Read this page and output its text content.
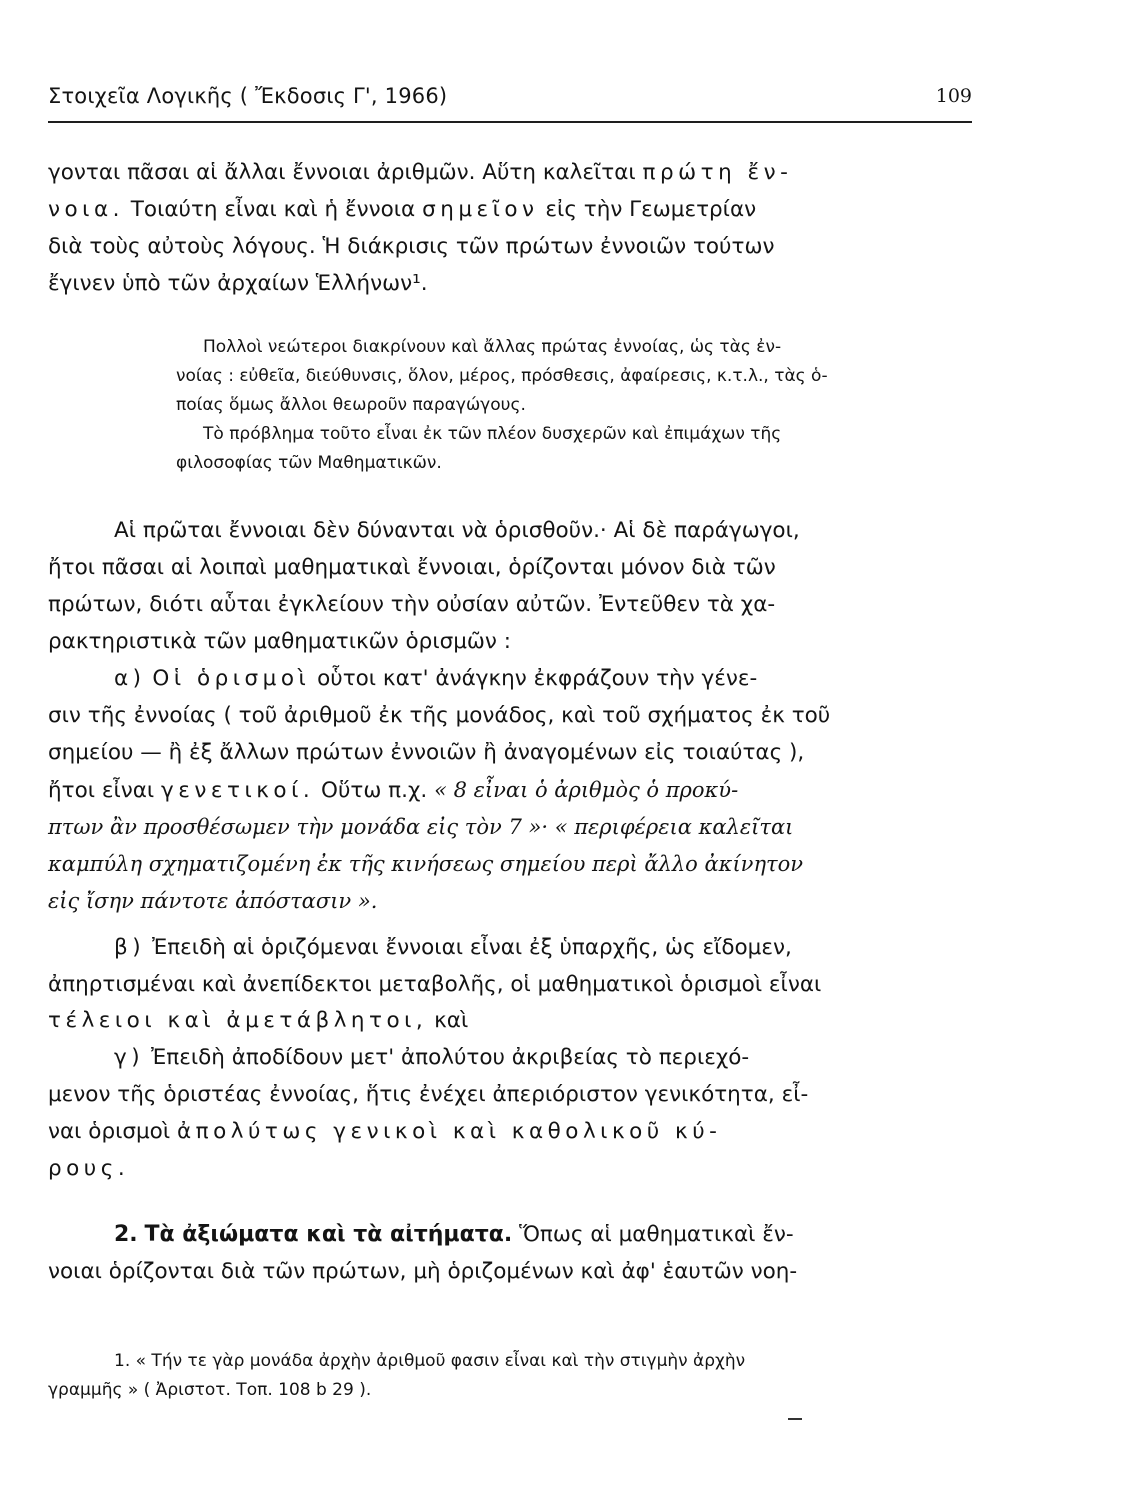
Στοιχεῖα Λογικῆς ( Ἔκδοσις Γ', 1966)	109
γονται πᾶσαι αἱ ἄλλαι ἔννοιαι ἀριθμῶν. Αὕτη καλεῖται πρώτη ἔν-
νοια. Τοιαύτη εἶναι καὶ ἡ ἔννοια σημεῖον εἰς τὴν Γεωμετρίαν
διὰ τοὺς αὐτοὺς λόγους. Ἡ διάκρισις τῶν πρώτων ἐννοιῶν τούτων
ἔγινεν ὑπὸ τῶν ἀρχαίων Ἑλλήνων¹.
Πολλοὶ νεώτεροι διακρίνουν καὶ ἄλλας πρώτας ἐννοίας, ὡς τὰς ἐν-
νοίας : εὐθεῖα, διεύθυνσις, ὅλον, μέρος, πρόσθεσις, ἀφαίρεσις, κ.τ.λ., τὰς ὁ-
ποίας ὅμως ἄλλοι θεωροῦν παραγώγους.
Τὸ πρόβλημα τοῦτο εἶναι ἐκ τῶν πλέον δυσχερῶν καὶ ἐπιμάχων τῆς
φιλοσοφίας τῶν Μαθηματικῶν.
Αἱ πρῶται ἔννοιαι δὲν δύνανται νὰ ὁρισθοῦν.· Αἱ δὲ παράγωγοι,
ἤτοι πᾶσαι αἱ λοιπαὶ μαθηματικαὶ ἔννοιαι, ὁρίζονται μόνον διὰ τῶν
πρώτων, διότι αὗται ἐγκλείουν τὴν οὐσίαν αὐτῶν. Ἐντεῦθεν τὰ χα-
ρακτηριστικὰ τῶν μαθηματικῶν ὁρισμῶν :
α) Οἱ ὁρισμοὶ οὗτοι κατ' ἀνάγκην ἐκφράζουν τὴν γένε-
σιν τῆς ἐννοίας ( τοῦ ἀριθμοῦ ἐκ τῆς μονάδος, καὶ τοῦ σχήματος ἐκ τοῦ
σημείου — ἢ ἐξ ἄλλων πρώτων ἐννοιῶν ἢ ἀναγομένων εἰς τοιαύτας ),
ἤτοι εἶναι γενετικοί. Οὕτω π.χ. « 8 εἶναι ὁ ἀριθμὸς ὁ προκύ-
πτων ἂν προσθέσωμεν τὴν μονάδα εἰς τὸν 7 »· « περιφέρεια καλεῖται
καμπύλη σχηματιζομένη ἐκ τῆς κινήσεως σημείου περὶ ἄλλο ἀκίνητον
εἰς ἴσην πάντοτε ἀπόστασιν ».
β) Ἐπειδὴ αἱ ὁριζόμεναι ἔννοιαι εἶναι ἐξ ὑπαρχῆς, ὡς εἴδομεν,
ἀπηρτισμέναι καὶ ἀνεπίδεκτοι μεταβολῆς, οἱ μαθηματικοὶ ὁρισμοὶ εἶναι
τέλειοι καὶ ἀμετάβλητοι, καὶ
γ) Ἐπειδὴ ἀποδίδουν μετ' ἀπολύτου ἀκριβείας τὸ περιεχό-
μενον τῆς ὁριστέας ἐννοίας, ἥτις ἐνέχει ἀπεριόριστον γενικότητα, εἶ-
ναι ὁρισμοὶ ἀπολύτως γενικοὶ καὶ καθολικοῦ κύ-
ρους.
2. Τὰ ἀξιώματα καὶ τὰ αἰτήματα. Ὅπως αἱ μαθηματικαὶ ἔν-
νοιαι ὁρίζονται διὰ τῶν πρώτων, μὴ ὁριζομένων καὶ ἀφ' ἑαυτῶν νοη-
1. « Τήν τε γὰρ μονάδα ἀρχὴν ἀριθμοῦ φασιν εἶναι καὶ τὴν στιγμὴν ἀρχὴν
γραμμῆς » ( Ἀριστοτ. Τοπ. 108 b 29 ).
